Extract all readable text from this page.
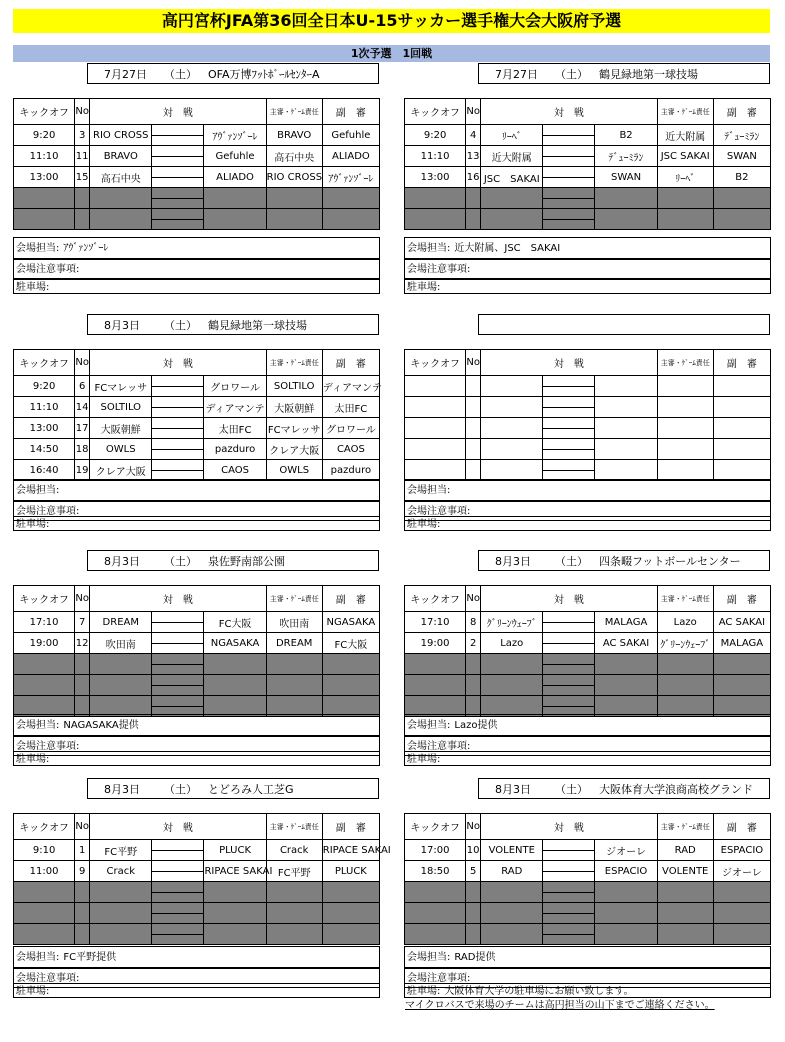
高円宮杯JFA第36回全日本U-15サッカー選手権大会大阪府予選
1次予選　1回戦
7月27日 （土） OFA万博ﾌｯﾄﾎﾞｰﾙｾﾝﾀｰA
キックオフ	No	対　戦			主審・ｹﾞｰﾑ責任	副　審
9:20	3	RIO CROSS		ｱｳﾞｧﾝｿﾞｰﾚ	BRAVO	Gefuhle
11:10	11	BRAVO		Gefuhle	高石中央	ALIADO
13:00	15	高石中央		ALIADO	RIO CROSS	ｱｳﾞｧﾝｿﾞｰﾚ

7月27日 （土） 鶴見緑地第一球技場
キックオフ	No	対　戦			主審・ｹﾞｰﾑ責任	副　審
9:20	4	ﾘｰﾍﾞ		B2	近大附属	ﾃﾞｭｰﾐﾗﾝ
11:10	13	近大附属		ﾃﾞｭｰﾐﾗﾝ	JSC SAKAI	SWAN
13:00	16	JSC　SAKAI		SWAN	ﾘｰﾍﾞ	B2

8月3日 （土） 鶴見緑地第一球技場
キックオフ	No	対　戦			主審・ｹﾞｰﾑ責任	副　審
9:20	6	FCマレッサ		グロワール	SOLTILO	ディアマンテ
11:10	14	SOLTILO		ディアマンテ	大阪朝鮮	太田FC
13:00	17	大阪朝鮮		太田FC	FCマレッサ	グロワール
14:50	18	OWLS		pazduro	クレア大阪	CAOS
16:40	19	クレア大阪		CAOS	OWLS	pazduro
キックオフ	No	対　戦			主審・ｹﾞｰﾑ責任	副　審

8月3日 （土） 泉佐野南部公園
キックオフ	No	対　戦			主審・ｹﾞｰﾑ責任	副　審
17:10	7	DREAM		FC大阪	吹田南	NGASAKA
19:00	12	吹田南		NGASAKA	DREAM	FC大阪

8月3日 （土） 四条畷フットボールセンター
キックオフ	No	対　戦			主審・ｹﾞｰﾑ責任	副　審
17:10	8	ｸﾞﾘｰﾝｳｪｰﾌﾞ		MALAGA	Lazo	AC SAKAI
19:00	2	Lazo		AC SAKAI	ｸﾞﾘｰﾝｳｪｰﾌﾞ	MALAGA

8月3日 （土） とどろみ人工芝G
キックオフ	No	対　戦			主審・ｹﾞｰﾑ責任	副　審
9:10	1	FC平野		PLUCK	Crack	RIPACE SAKAI
11:00	9	Crack		RIPACE SAKAI	FC平野	PLUCK

8月3日 （土） 大阪体育大学浪商高校グランド
キックオフ	No	対　戦			主審・ｹﾞｰﾑ責任	副　審
17:00	10	VOLENTE		ジオーレ	RAD	ESPACIO
18:50	5	RAD		ESPACIO	VOLENTE	ジオーレ

マイクロバスで来場のチームは高円担当の山下までご連絡ください。
会場担当: ｱｳﾞｧﾝｿﾞｰﾚ
会場注意事項:
駐車場:
会場担当: 近大附属、JSC　SAKAI
会場注意事項:
駐車場:
会場担当:
会場注意事項:
駐車場:
会場担当:
会場注意事項:
駐車場:
会場担当: NAGASAKA提供
会場注意事項:
駐車場:
会場担当: Lazo提供
会場注意事項:
駐車場:
会場担当: FC平野提供
会場注意事項:
駐車場:
会場担当: RAD提供
会場注意事項:
駐車場: 大阪体育大学の駐車場にお願い致します。
